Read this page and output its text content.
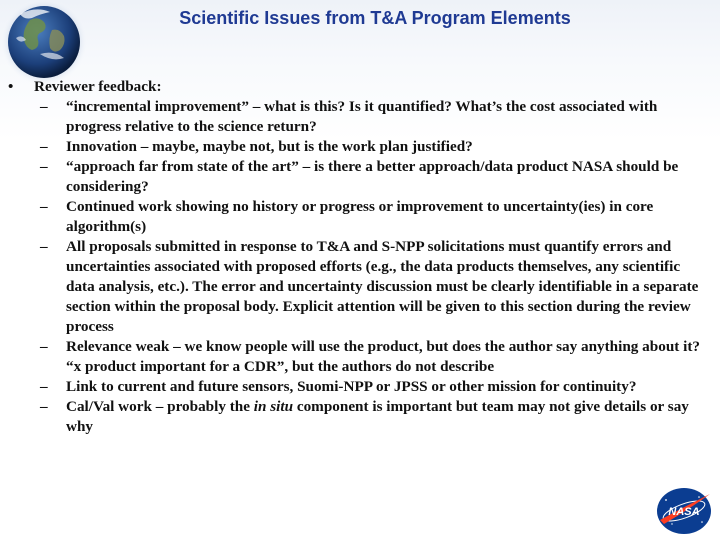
Scientific Issues from T&A Program Elements
•	Reviewer feedback:
–	“incremental improvement” – what is this? Is it quantified? What’s the cost associated with progress relative to the science return?
–	Innovation – maybe, maybe not, but is the work plan justified?
–	“approach far from state of the art” – is there a better approach/data product NASA should be considering?
–	Continued work showing no history or progress or improvement to uncertainty(ies) in core algorithm(s)
–	All proposals submitted in response to T&A and S-NPP solicitations must quantify errors and uncertainties associated with proposed efforts (e.g., the data products themselves, any scientific data analysis, etc.). The error and uncertainty discussion must be clearly identifiable in a separate section within the proposal body. Explicit attention will be given to this section during the review process
–	Relevance weak – we know people will use the product, but does the author say anything about it? “x product important for a CDR”, but the authors do not describe
–	Link to current and future sensors, Suomi-NPP or JPSS or other mission for continuity?
–	Cal/Val work – probably the in situ component is important but team may not give details or say why
NASA
